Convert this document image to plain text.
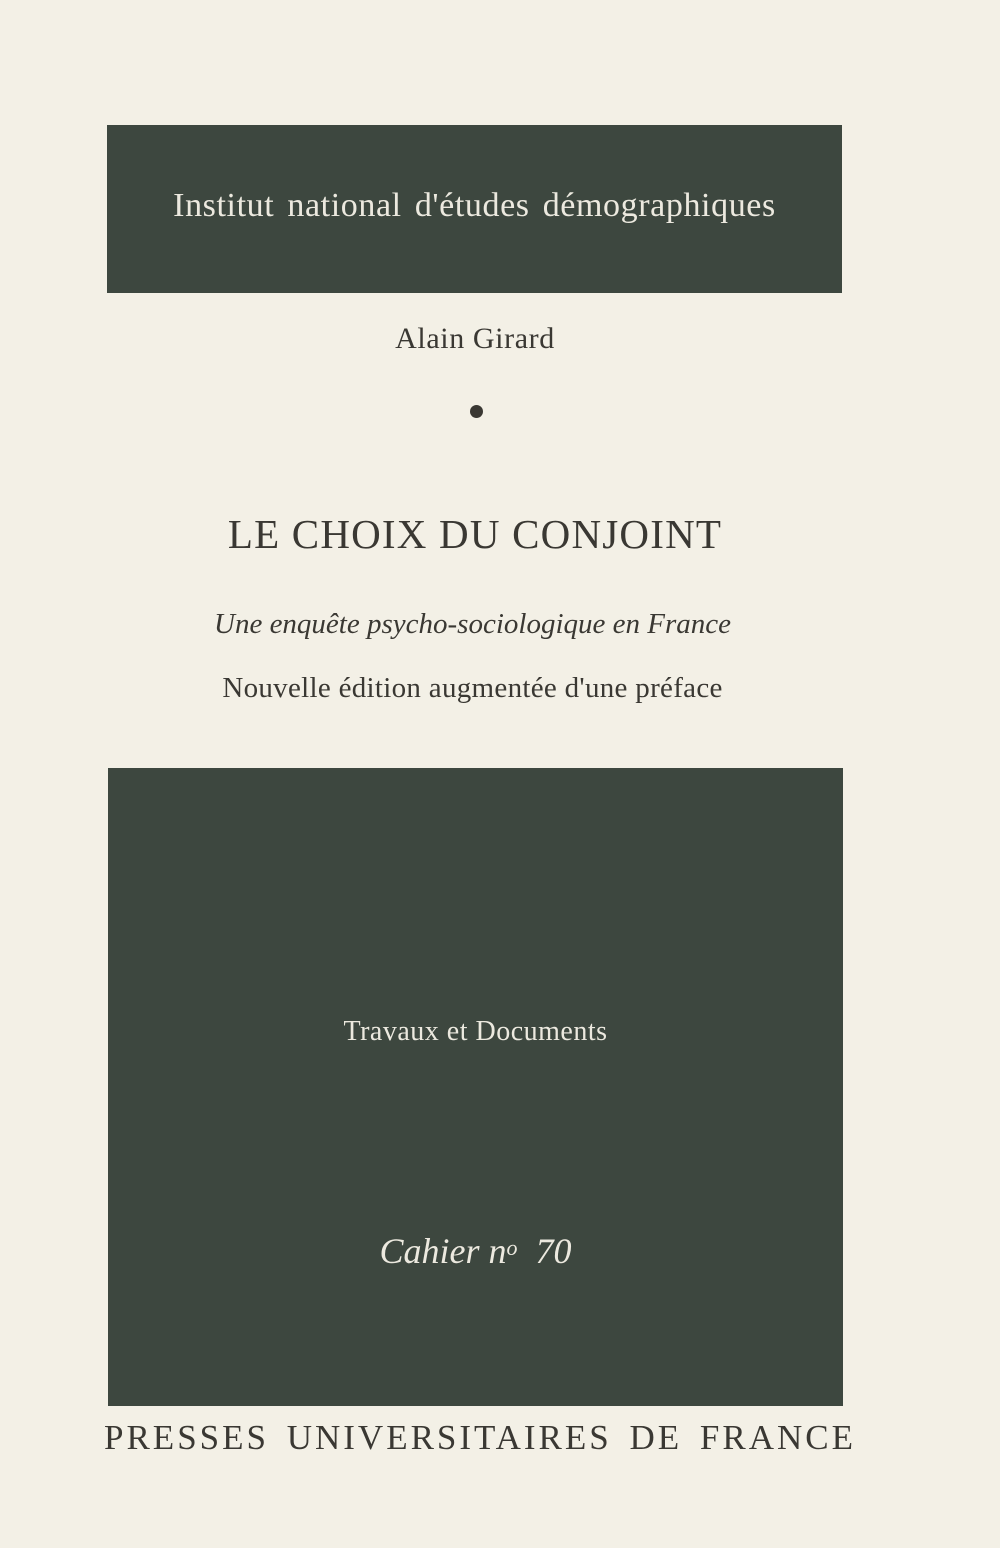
Institut national d'études démographiques
Alain Girard
LE CHOIX DU CONJOINT
Une enquête psycho-sociologique en France
Nouvelle édition augmentée d'une préface
Travaux et Documents
Cahier $n^o$ 70
PRESSES UNIVERSITAIRES DE FRANCE
